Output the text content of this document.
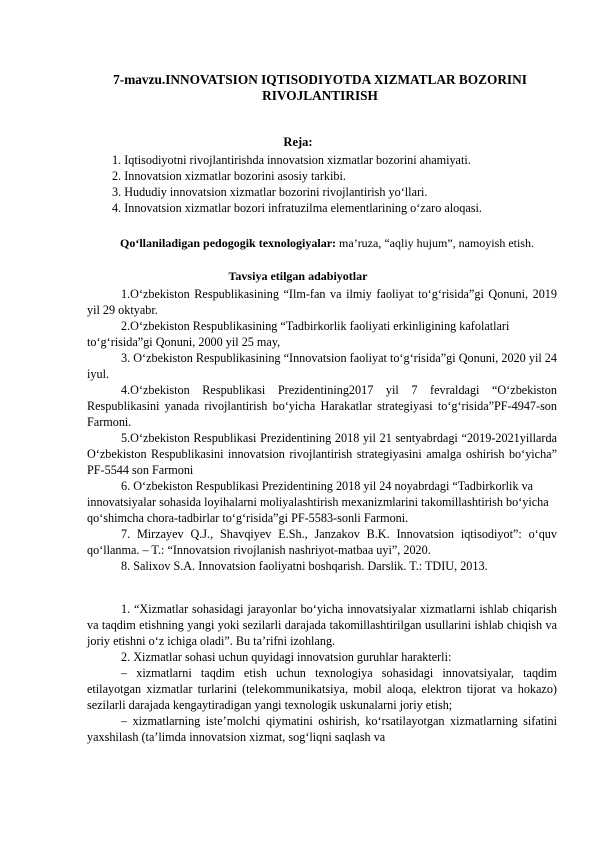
7-mavzu.INNOVATSION IQTISODIYOTDA XIZMATLAR BOZORINI
RIVOJLANTIRISH
Reja:
1. Iqtisodiyotni rivojlantirishda innovatsion xizmatlar bozorini ahamiyati.
2. Innovatsion xizmatlar bozorini asosiy tarkibi.
3. Hududiy innovatsion xizmatlar bozorini rivojlantirish yo‘llari.
4. Innovatsion xizmatlar bozori infratuzilma elementlarining o‘zaro aloqasi.
Qo‘llaniladigan pedogogik texnologiyalar: ma’ruza, “aqliy hujum”, namoyish etish.
Tavsiya etilgan adabiyotlar

1.O‘zbekiston Respublikasining “Ilm-fan va ilmiy faoliyat to‘g‘risida”gi Qonuni, 2019 yil 29 oktyabr.

2.O‘zbekiston Respublikasining “Tadbirkorlik faoliyati erkinligining kafolatlari to‘g‘risida”gi Qonuni, 2000 yil 25 may,

3. O‘zbekiston Respublikasining “Innovatsion faoliyat to‘g‘risida”gi Qonuni, 2020 yil 24 iyul.

4.O‘zbekiston Respublikasi Prezidentining2017 yil 7 fevraldagi “O‘zbekiston Respublikasini yanada rivojlantirish bo‘yicha Harakatlar strategiyasi to‘g‘risida”PF-4947-son Farmoni.

5.O‘zbekiston Respublikasi Prezidentining 2018 yil 21 sentyabrdagi “2019-2021yillarda O‘zbekiston Respublikasini innovatsion rivojlantirish strategiyasini amalga oshirish bo‘yicha” PF-5544 son Farmoni

6. O‘zbekiston Respublikasi Prezidentining 2018 yil 24 noyabrdagi “Tadbirkorlik va innovatsiyalar sohasida loyihalarni moliyalashtirish mexanizmlarini takomillashtirish bo‘yicha qo‘shimcha chora-tadbirlar to‘g‘risida”gi PF-5583-sonli Farmoni.

7. Mirzayev Q.J., Shavqiyev E.Sh., Janzakov B.K. Innovatsion iqtisodiyot”: o‘quv qo‘llanma. – T.: “Innovatsion rivojlanish nashriyot-matbaa uyi”, 2020.

8. Salixov S.A. Innovatsion faoliyatni boshqarish. Darslik. T.: TDIU, 2013.

1. “Xizmatlar sohasidagi jarayonlar bo‘yicha innovatsiyalar xizmatlarni ishlab chiqarish va taqdim etishning yangi yoki sezilarli darajada takomillashtirilgan usullarini ishlab chiqish va joriy etishni o‘z ichiga oladi”. Bu ta’rifni izohlang.

2. Xizmatlar sohasi uchun quyidagi innovatsion guruhlar harakterli:

– xizmatlarni taqdim etish uchun texnologiya sohasidagi innovatsiyalar, taqdim etilayotgan xizmatlar turlarini (telekommunikatsiya, mobil aloqa, elektron tijorat va hokazo) sezilarli darajada kengaytiradigan yangi texnologik uskunalarni joriy etish;

– xizmatlarning iste’molchi qiymatini oshirish, ko‘rsatilayotgan xizmatlarning sifatini yaxshilash (ta’limda innovatsion xizmat, sog‘liqni saqlash va
